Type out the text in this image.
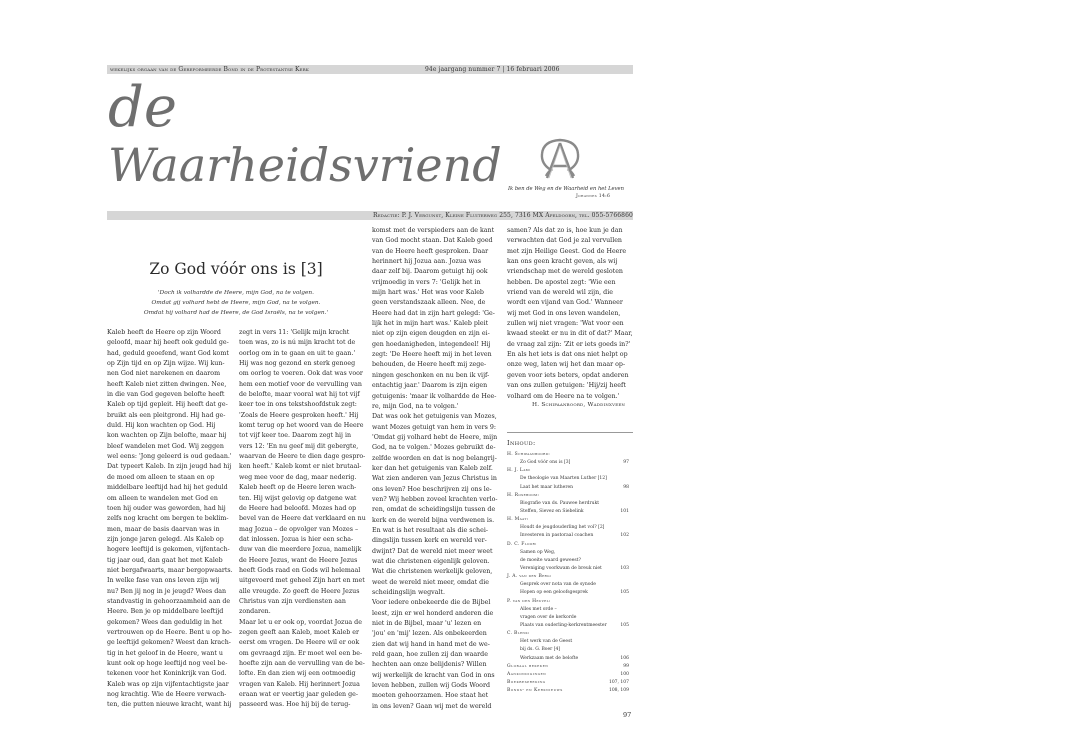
wekelijks orgaan van de Gereformeerde Bond in de Protestantse Kerk	94e jaargang nummer 7 | 16 februari 2006
de
Waarheidsvriend
AΩ
Ik ben de Weg en de Waarheid en het Leven
Johannes 14:6
Redactie: P. J. Vergunst, Kleine Fluiterweg 255, 7316 MX Apeldoorn, tel. 055-5766860
Zo God vóór ons is [3]
'Doch ik volhardde de Heere, mijn God, na te volgen.
Omdat gij volhard hebt de Heere, mijn God, na te volgen.
Omdat hij volhard had de Heere, de God Israëls, na te volgen.'

Kaleb heeft de Heere op zijn Woord

geloofd, maar hij heeft ook geduld ge-

had, geduld geoefend, want God komt

op Zijn tijd en op Zijn wijze. Wij kun-

nen God niet narekenen en daarom

heeft Kaleb niet zitten dwingen. Nee,

in die van God gegeven belofte heeft

Kaleb op tijd gepleit. Hij heeft dat ge-

bruikt als een pleitgrond. Hij had ge-

duld. Hij kon wachten op God. Hij

kon wachten op Zijn belofte, maar hij

bleef wandelen met God. Wij zeggen

wel eens: 'Jong geleerd is oud gedaan.'

Dat typeert Kaleb. In zijn jeugd had hij

de moed om alleen te staan en op

middelbare leeftijd had hij het geduld

om alleen te wandelen met God en

toen hij ouder was geworden, had hij

zelfs nog kracht om bergen te beklim-

men, maar de basis daarvan was in

zijn jonge jaren gelegd. Als Kaleb op

hogere leeftijd is gekomen, vijfentach-

tig jaar oud, dan gaat het met Kaleb

niet bergafwaarts, maar bergopwaarts.

In welke fase van ons leven zijn wij

nu? Ben jij nog in je jeugd? Wees dan

standvastig in gehoorzaamheid aan de

Heere. Ben je op middelbare leeftijd

gekomen? Wees dan geduldig in het

vertrouwen op de Heere. Bent u op ho-

ge leeftijd gekomen? Weest dan krach-

tig in het geloof in de Heere, want u

kunt ook op hoge leeftijd nog veel be-

tekenen voor het Koninkrijk van God.

Kaleb was op zijn vijfentachtigste jaar

nog krachtig. Wie de Heere verwach-

ten, die putten nieuwe kracht, want hij

zegt in vers 11: 'Gelijk mijn kracht

toen was, zo is nú mijn kracht tot de

oorlog om in te gaan en uit te gaan.'

Hij was nog gezond en sterk genoeg

om oorlog te voeren. Ook dat was voor

hem een motief voor de vervulling van

de belofte, maar vooral wat hij tot vijf

keer toe in ons tekstshoofdstuk zegt:

'Zoals de Heere gesproken heeft.' Hij

komt terug op het woord van de Heere

tot vijf keer toe. Daarom zegt hij in

vers 12: 'En nu geef mij dit gebergte,

waarvan de Heere te dien dage gespro-

ken heeft.' Kaleb komt er niet brutaal-

weg mee voor de dag, maar nederig.

Kaleb heeft op de Heere leren wach-

ten. Hij wijst gelovig op datgene wat

de Heere had beloofd. Mozes had op

bevel van de Heere dat verklaard en nu

mag Jozua – de opvolger van Mozes –

dat inlossen. Jozua is hier een scha-

duw van die meerdere Jozua, namelijk

de Heere Jezus, want de Heere Jezus

heeft Gods raad en Gods wil helemaal

uitgevoerd met geheel Zijn hart en met

alle vreugde. Zo geeft de Heere Jezus

Christus van zijn verdiensten aan

zondaren.

Maar let u er ook op, voordat Jozua de

zegen geeft aan Kaleb, moet Kaleb er

eerst om vragen. De Heere wil er ook

om gevraagd zijn. Er moet wel een be-

hoefte zijn aan de vervulling van de be-

lofte. En dan zien wij een ootmoedig

vragen van Kaleb. Hij herinnert Jozua

eraan wat er veertig jaar geleden ge-

passeerd was. Hoe hij bij de terug-

komst met de verspieders aan de kant

van God mocht staan. Dat Kaleb goed

van de Heere heeft gesproken. Daar

herinnert hij Jozua aan. Jozua was

daar zelf bij. Daarom getuigt hij ook

vrijmoedig in vers 7: 'Gelijk het in

mijn hart was.' Het was voor Kaleb

geen verstandszaak alleen. Nee, de

Heere had dat in zijn hart gelegd: 'Ge-

lijk het in mijn hart was.' Kaleb pleit

niet op zijn eigen deugden en zijn ei-

gen hoedanigheden, integendeel! Hij

zegt: 'De Heere heeft mij in het leven

behouden, de Heere heeft mij zege-

ningen geschonken en nu ben ik vijf-

entachtig jaar.' Daarom is zijn eigen

getuigenis: 'maar ik volhardde de Hee-

re, mijn God, na te volgen.'

Dat was ook het getuigenis van Mozes,

want Mozes getuigt van hem in vers 9:

'Omdat gij volhard hebt de Heere, mijn

God, na te volgen.' Mozes gebruikt de-

zelfde woorden en dat is nog belangrij-

ker dan het getuigenis van Kaleb zelf.

Wat zien anderen van Jezus Christus in

ons leven? Hoe beschrijven zij ons le-

ven? Wij hebben zoveel krachten verlo-

ren, omdat de scheidingslijn tussen de

kerk en de wereld bijna verdwenen is.

En wat is het resultaat als die schei-

dingslijn tussen kerk en wereld ver-

dwijnt? Dat de wereld niet meer weet

wat die christenen eigenlijk geloven.

Wat die christenen werkelijk geloven,

weet de wereld niet meer, omdat die

scheidingslijn wegvalt.

Voor iedere onbekeerde die de Bijbel

leest, zijn er wel honderd anderen die

niet in de Bijbel, maar 'u' lezen en

'jou' en 'mij' lezen. Als onbekeerden

zien dat wij hand in hand met de we-

reld gaan, hoe zullen zij dan waarde

hechten aan onze belijdenis? Willen

wij werkelijk de kracht van God in ons

leven hebben, zullen wij Gods Woord

moeten gehoorzamen. Hoe staat het

in ons leven? Gaan wij met de wereld

samen? Als dat zo is, hoe kun je dan

verwachten dat God je zal vervullen

met zijn Heilige Geest. God de Heere

kan ons geen kracht geven, als wij

vriendschap met de wereld gesloten

hebben. De apostel zegt: 'Wie een

vriend van de wereld wil zijn, die

wordt een vijand van God.' Wanneer

wij met God in ons leven wandelen,

zullen wij niet vragen: 'Wat voor een

kwaad steekt er nu in dit of dat?' Maar,

de vraag zal zijn: 'Zit er iets goeds in?'

En als het iets is dat ons niet helpt op

onze weg, laten wij het dan maar op-

geven voor iets beters, opdat anderen

van ons zullen getuigen: 'Hij/zij heeft

volhard om de Heere na te volgen.'

H. Schipaanboord, Waddinxveen
Inhoud:
H. Schipaanboord:
Zo God vóór ons is [3]	97
H. J. Lam:
De theologie van Maarten Luther [12]
Laat het maar lutheren	98
H. Roseboom:
Biografie van ds. Pauwee herdrukt
Steffen, Sievez en Siebelink	101
H. Maat:
Houdt de jeugdouderling het vol? [2]
Investeren in pastoraal coachen	102
D. C. Floor:
Samen op Weg,
de moeite waard geweest?
Vereniging voorkwam de breuk niet	103
J. A. van den Berg:
Gesprek over nota van de synode
Hopen op een geloofsgesprek	105
P. van den Heuvel:
Alles met orde –
vragen over de kerkorde
Plaats van ouderling-kerkrentmeester	105
C. Blenk:
Het werk van de Geest
bij ds. G. Boer [4]
Werkzaam met de belofte	106
Globaal bekeken	99
Aankondigingen	100
Boekbespreking	107, 107
Bonds- en Kerknieuws	108, 109
97
